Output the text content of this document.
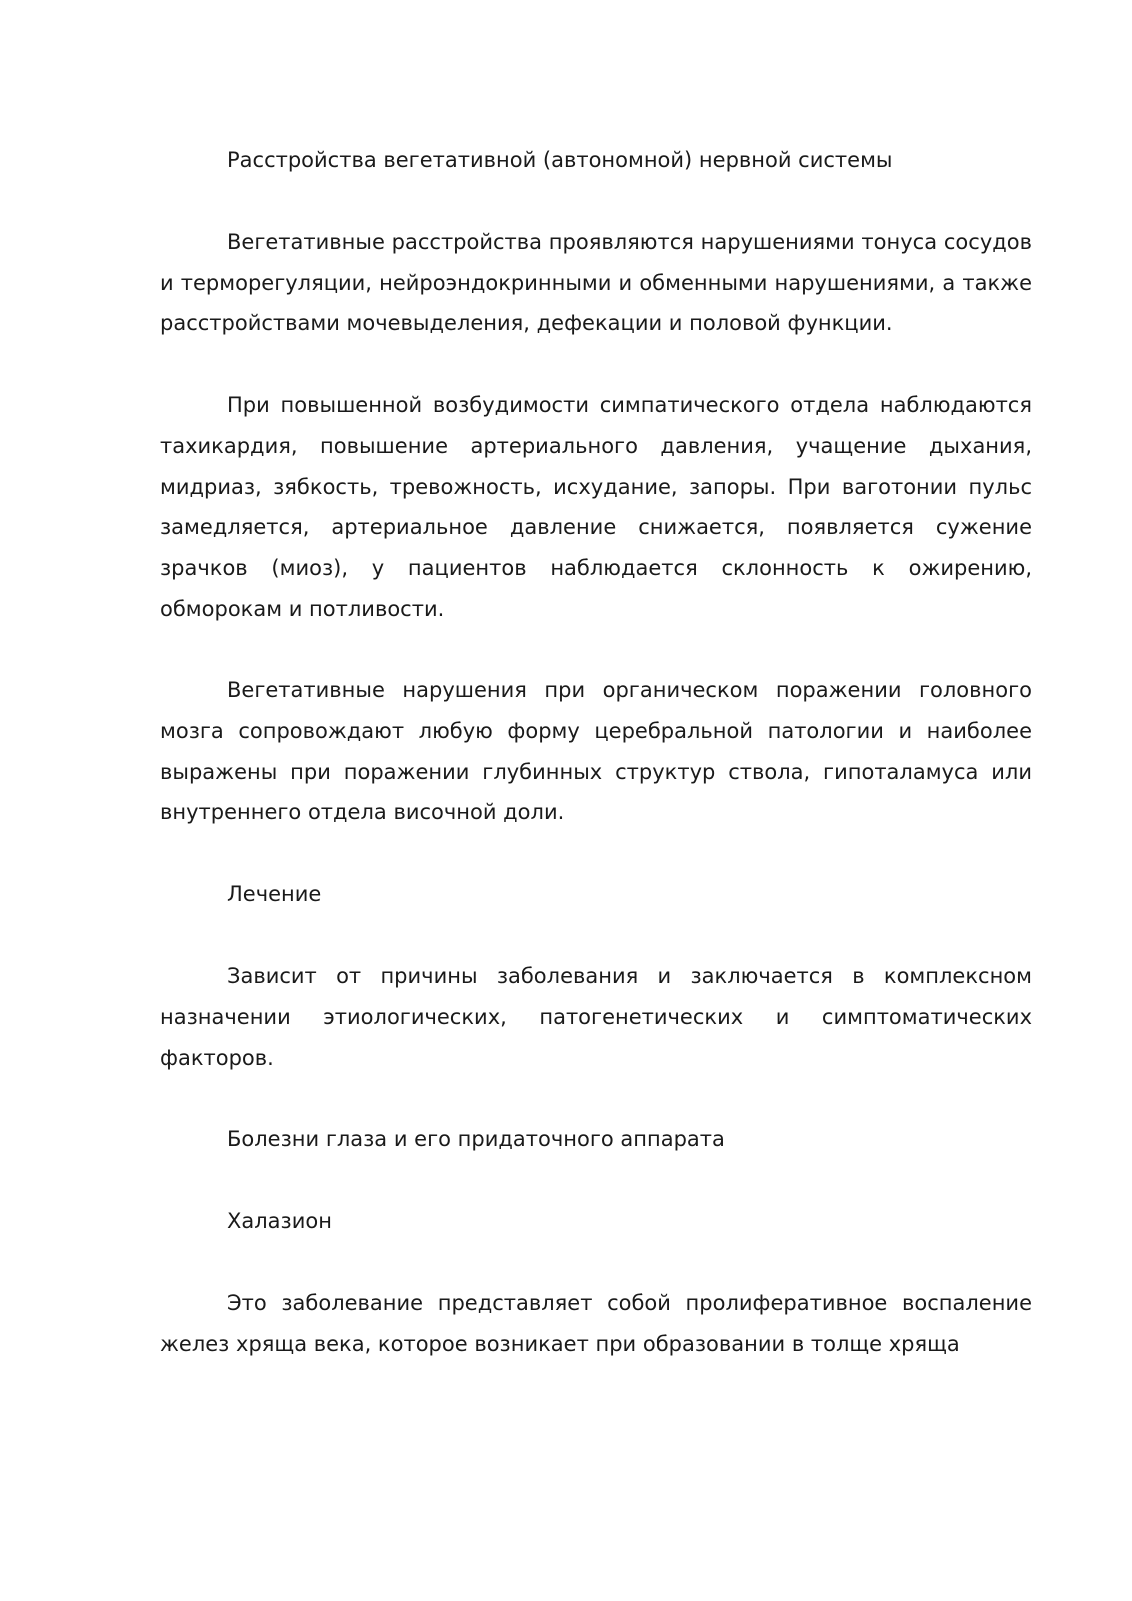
Расстройства вегетативной (автономной) нервной системы

Вегетативные расстройства проявляются нарушениями тонуса сосудов и терморегуляции, нейроэндокринными и обменными нарушениями, а также расстройствами мочевыделения, дефекации и половой функции.

При повышенной возбудимости симпатического отдела наблюдаются тахикардия, повышение артериального давления, учащение дыхания, мидриаз, зябкость, тревожность, исхудание, запоры. При ваготонии пульс замедляется, артериальное давление снижается, появляется сужение зрачков (миоз), у пациентов наблюдается склонность к ожирению, обморокам и потливости.

Вегетативные нарушения при органическом поражении головного мозга сопровождают любую форму церебральной патологии и наиболее выражены при поражении глубинных структур ствола, гипоталамуса или внутреннего отдела височной доли.

Лечение

Зависит от причины заболевания и заключается в комплексном назначении этиологических, патогенетических и симптоматических факторов.

Болезни глаза и его придаточного аппарата
Халазион

Это заболевание представляет собой пролиферативное воспаление желез хряща века, которое возникает при образовании в толще хряща
